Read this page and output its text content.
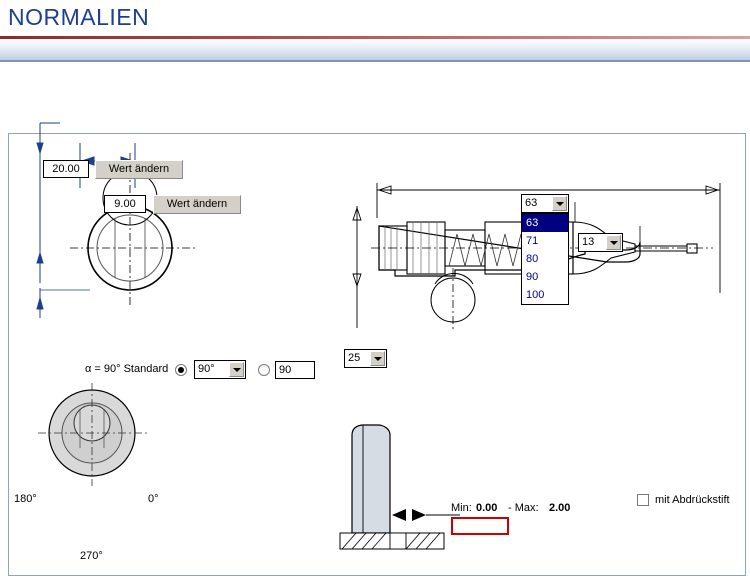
NORMALIEN
20.00	Wert ändern
9.00	Wert ändern	63
63
71
80
90
100
13
25
α = 90° Standard	90°	90
180°	0°
270°
Min: 0.00 - Max: 2.00
mit Abdrückstift
